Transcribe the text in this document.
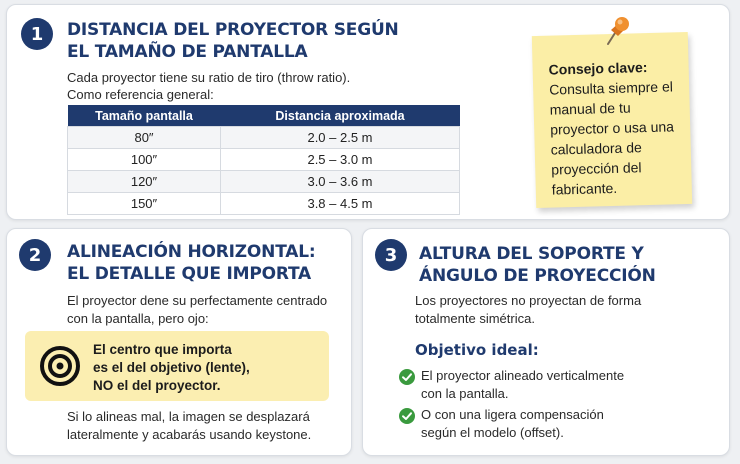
1	DISTANCIA DEL PROYECTOR SEGÚN
EL TAMAÑO DE PANTALLA
Cada proyector tiene su ratio de tiro (throw ratio).
Como referencia general:
Tamaño pantalla	Distancia aproximada
80″	2.0 – 2.5 m
100″	2.5 – 3.0 m
120″	3.0 – 3.6 m
150″	3.8 – 4.5 m
Consejo clave:
Consulta siempre el manual de tu proyector o usa una calculadora de proyección del fabricante.
2	ALINEACIÓN HORIZONTAL:
EL DETALLE QUE IMPORTA
El proyector dene su perfectamente centrado
con la pantalla, pero ojo:
El centro que importa
es el del objetivo (lente),
NO el del proyector.
Si lo alineas mal, la imagen se desplazará
lateralmente y acabarás usando keystone.
3	ALTURA DEL SOPORTE Y
ÁNGULO DE PROYECCIÓN
Los proyectores no proyectan de forma
totalmente simétrica.
Objetivo ideal:
El proyector alineado verticalmente
con la pantalla.
O con una ligera compensación
según el modelo (offset).
